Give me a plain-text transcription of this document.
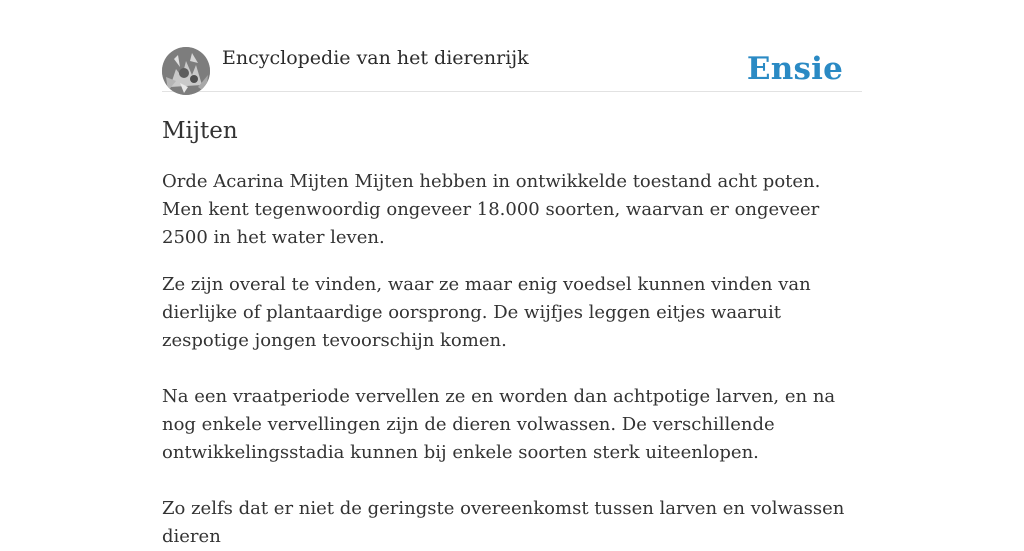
Encyclopedie van het dierenrijk	Ensie
Mijten

Orde Acarina Mijten Mijten hebben in ontwikkelde toestand acht poten. Men kent tegenwoordig ongeveer 18.000 soorten, waarvan er ongeveer 2500 in het water leven.

Ze zijn overal te vinden, waar ze maar enig voedsel kunnen vinden van dierlijke of plantaardige oorsprong. De wijfjes leggen eitjes waaruit zespotige jongen tevoorschijn komen.

Na een vraatperiode vervellen ze en worden dan achtpotige larven, en na nog enkele vervellingen zijn de dieren volwassen. De verschillende ontwikkelingsstadia kunnen bij enkele soorten sterk uiteenlopen.

Zo zelfs dat er niet de geringste overeenkomst tussen larven en volwassen dieren
